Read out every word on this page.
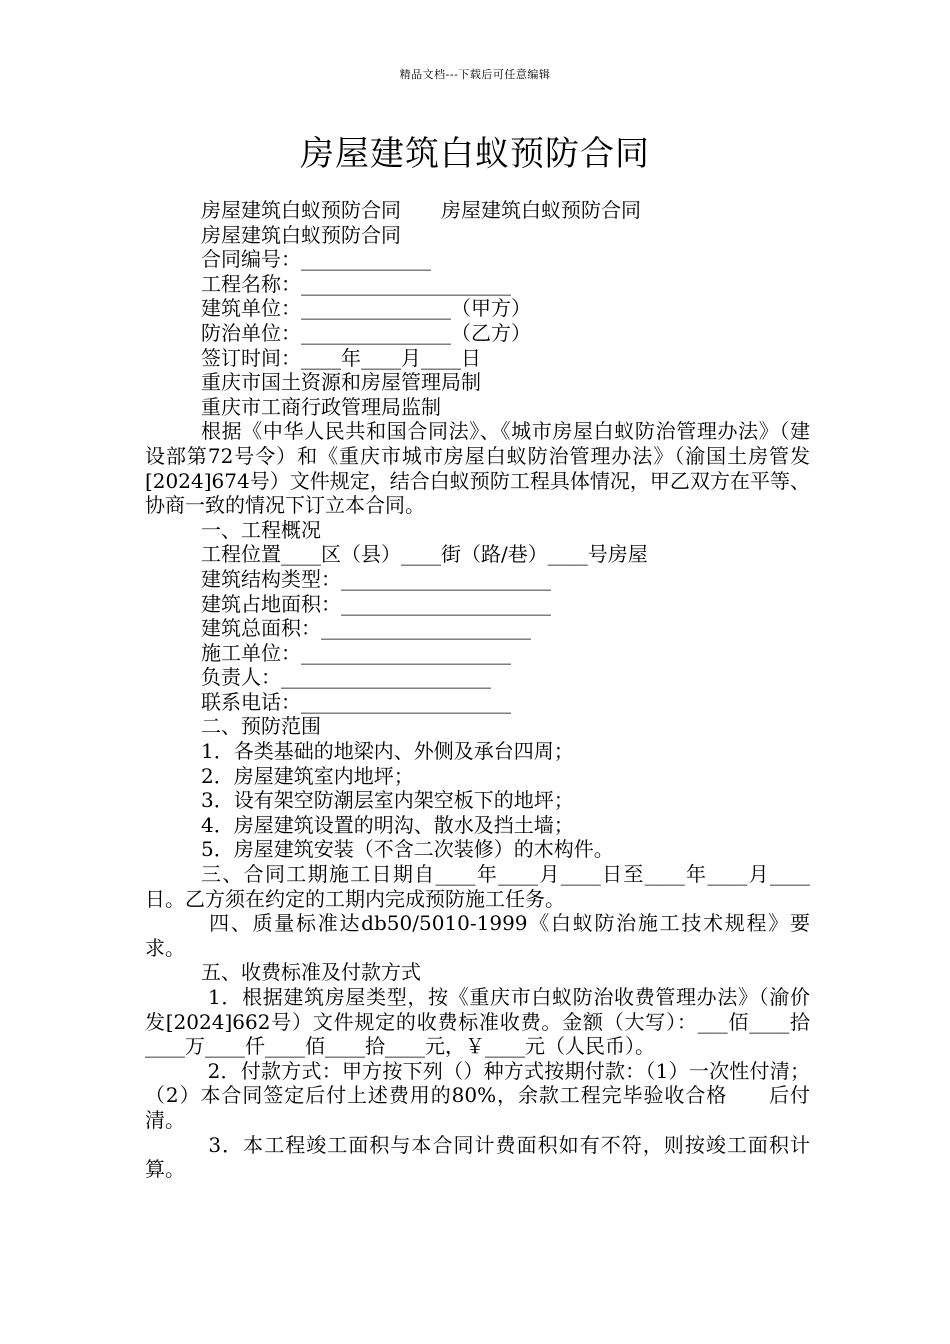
精品文档---下载后可任意编辑
房屋建筑白蚁预防合同

房屋建筑白蚁预防合同　　房屋建筑白蚁预防合同

房屋建筑白蚁预防合同

合同编号：_____________

工程名称：_____________________

建筑单位：_______________（甲方）

防治单位：_______________（乙方）

签订时间：____年____月____日

重庆市国土资源和房屋管理局制

重庆市工商行政管理局监制

根据《中华人民共和国合同法》、《城市房屋白蚁防治管理办法》（建设部第72号令）和《重庆市城市房屋白蚁防治管理办法》（渝国土房管发[2024]674号）文件规定，结合白蚁预防工程具体情况，甲乙双方在平等、协商一致的情况下订立本合同。

一、工程概况

工程位置____区（县）____街（路/巷）____号房屋

建筑结构类型：_____________________

建筑占地面积：_____________________

建筑总面积：_____________________

施工单位：_____________________

负责人：_____________________

联系电话：_____________________

二、预防范围

1．各类基础的地梁内、外侧及承台四周；

2．房屋建筑室内地坪；

3．设有架空防潮层室内架空板下的地坪；

4．房屋建筑设置的明沟、散水及挡土墙；

5．房屋建筑安装（不含二次装修）的木构件。

三、合同工期施工日期自____年____月____日至____年____月____日。乙方须在约定的工期内完成预防施工任务。

四、质量标准达db50/5010-1999《白蚁防治施工技术规程》要求。

五、收费标准及付款方式

1．根据建筑房屋类型，按《重庆市白蚁防治收费管理办法》（渝价发[2024]662号）文件规定的收费标准收费。金额（大写）：___佰____拾____万____仟____佰____拾____元，￥____元（人民币）。

2．付款方式：甲方按下列（）种方式按期付款：（1）一次性付清；（2）本合同签定后付上述费用的80%，余款工程完毕验收合格　　后付清。

3．本工程竣工面积与本合同计费面积如有不符，则按竣工面积计算。
